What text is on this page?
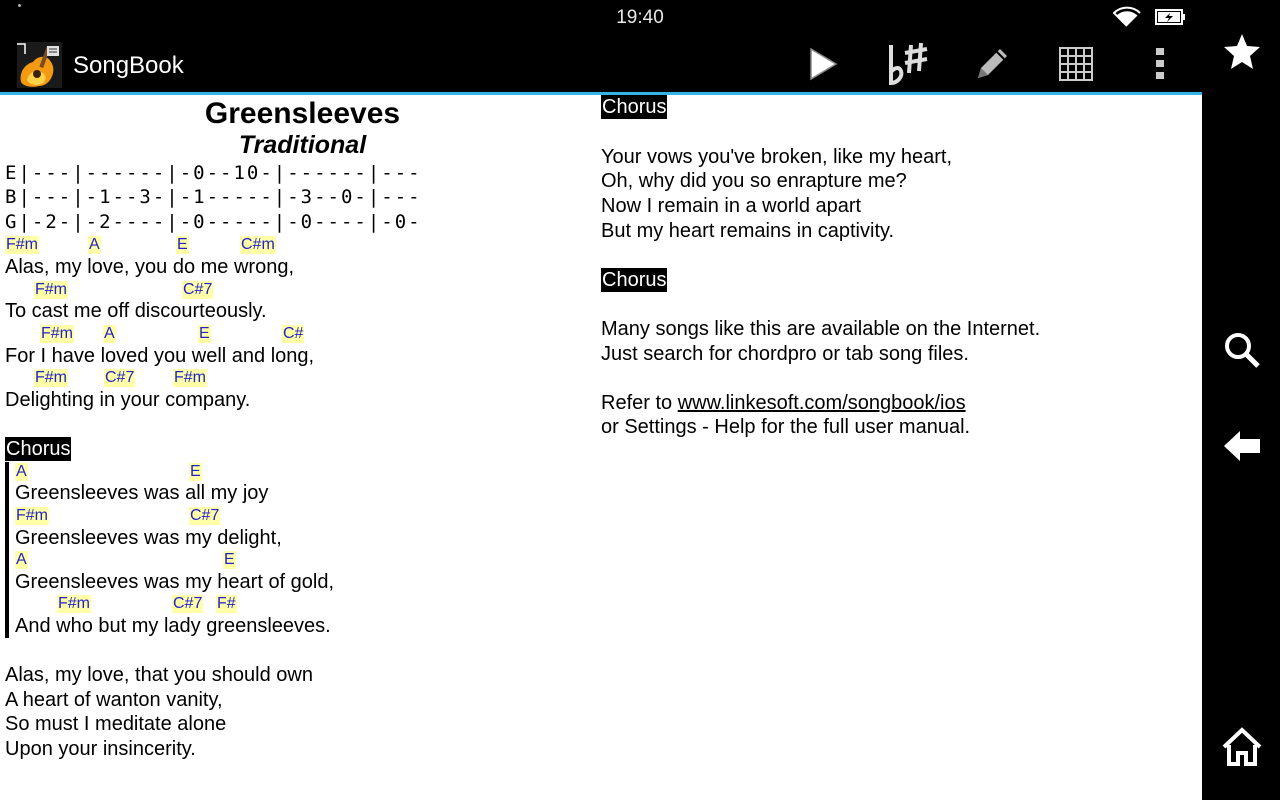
19:40
SongBook
Greensleeves
Traditional
E|---|------|-0--10-|------|---
B|---|-1--3-|-1-----|-3--0-|---
G|-2-|-2----|-0-----|-0----|-0-
F#m	A	E	C#m
Alas, my love, you do me wrong,
F#m	C#7
To cast me off discourteously.
F#m A	E	C#
For I have loved you well and long,
F#m C#7 F#m
Delighting in your company.
Chorus
A	E
Greensleeves was all my joy
F#m	C#7
Greensleeves was my delight,
A	E
Greensleeves was my heart of gold,
F#m	C#7 F#
And who but my lady greensleeves.
Alas, my love, that you should own
A heart of wanton vanity,
So must I meditate alone
Upon your insincerity.
Chorus
Your vows you've broken, like my heart,
Oh, why did you so enrapture me?
Now I remain in a world apart
But my heart remains in captivity.
Chorus
Many songs like this are available on the Internet.
Just search for chordpro or tab song files.
Refer to www.linkesoft.com/songbook/ios
or Settings - Help for the full user manual.
